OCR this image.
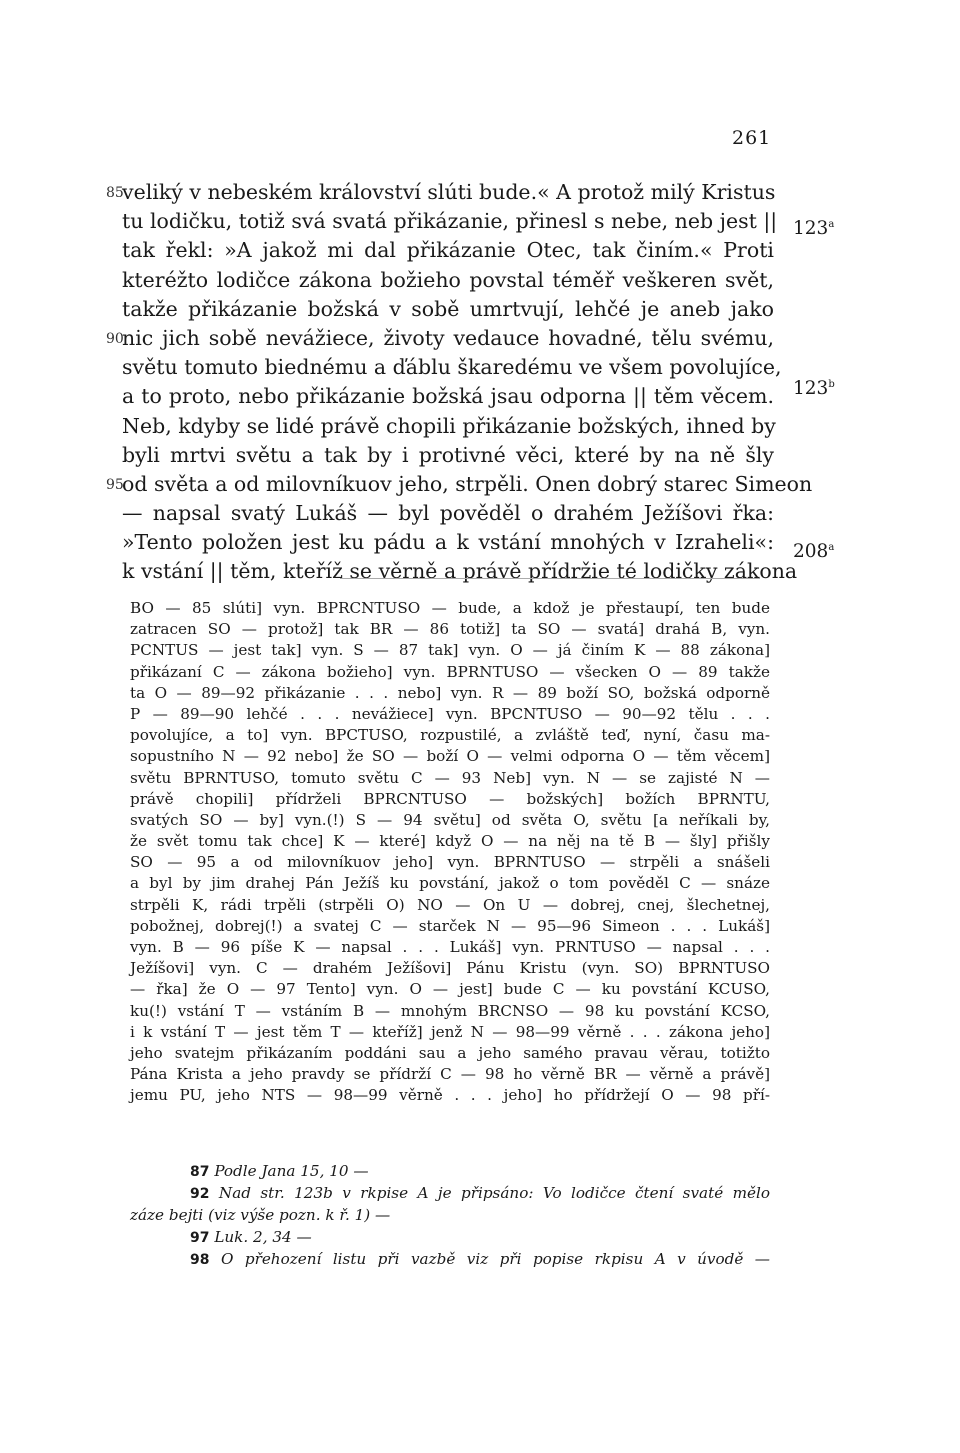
261
85
90
95
123$^a$
123$^b$
208$^a$
veliký v nebeském království slúti bude.« A protož milý Kristus
tu lodičku, totiž svá svatá přikázanie, přinesl s nebe, neb jest ||
tak řekl: »A jakož mi dal přikázanie Otec, tak činím.« Proti
kteréžto lodičce zákona božieho povstal téměř veškeren svět,
takže přikázanie božská v sobě umrtvují, lehčé je aneb jako
nic jich sobě nevážiece, životy vedauce hovadné, tělu svému,
světu tomuto biednému a ďáblu škaredému ve všem povolujíce,
a to proto, nebo přikázanie božská jsau odporna || těm věcem.
Neb, kdyby se lidé právě chopili přikázanie božských, ihned by
byli mrtvi světu a tak by i protivné věci, které by na ně šly
od světa a od milovníkuov jeho, strpěli. Onen dobrý starec Simeon
— napsal svatý Lukáš — byl pověděl o drahém Ježíšovi řka:
»Tento položen jest ku pádu a k vstání mnohých v Izraheli«:
k vstání || těm, kteříž se věrně a právě přídržie té lodičky zákona
BO — 85 slúti] vyn. BPRCNTUSO — bude, a kdož je přestaupí, ten bude
zatracen SO — protož] tak BR — 86 totiž] ta SO — svatá] drahá B, vyn.
PCNTUS — jest tak] vyn. S — 87 tak] vyn. O — já činím K — 88 zákona]
přikázaní C — zákona božieho] vyn. BPRNTUSO — všecken O — 89 takže
ta O — 89—92 přikázanie . . . nebo] vyn. R — 89 boží SO, božská odporně
P — 89—90 lehčé . . . nevážiece] vyn. BPCNTUSO — 90—92 tělu . . .
povolujíce, a to] vyn. BPCTUSO, rozpustilé, a zvláště teď, nyní, času ma-
sopustního N — 92 nebo] že SO — boží O — velmi odporna O — těm věcem]
světu BPRNTUSO, tomuto světu C — 93 Neb] vyn. N — se zajisté N —
právě chopili] přídrželi BPRCNTUSO — božských] božích BPRNTU,
svatých SO — by] vyn.(!) S — 94 světu] od světa O, světu [a neříkali by,
že svět tomu tak chce] K — které] když O — na něj na tě B — šly] přišly
SO — 95 a od milovníkuov jeho] vyn. BPRNTUSO — strpěli a snášeli
a byl by jim drahej Pán Ježíš ku povstání, jakož o tom pověděl C — snáze
strpěli K, rádi trpěli (strpěli O) NO — On U — dobrej, cnej, šlechetnej,
pobožnej, dobrej(!) a svatej C — starček N — 95—96 Simeon . . . Lukáš]
vyn. B — 96 píše K — napsal . . . Lukáš] vyn. PRNTUSO — napsal . . .
Ježíšovi] vyn. C — drahém Ježíšovi] Pánu Kristu (vyn. SO) BPRNTUSO
— řka] že O — 97 Tento] vyn. O — jest] bude C — ku povstání KCUSO,
ku(!) vstání T — vstáním B — mnohým BRCNSO — 98 ku povstání KCSO,
i k vstání T — jest těm T — kteříž] jenž N — 98—99 věrně . . . zákona jeho]
jeho svatejm přikázaním poddáni sau a jeho samého pravau věrau, totižto
Pána Krista a jeho pravdy se přídrží C — 98 ho věrně BR — věrně a právě]
jemu PU, jeho NTS — 98—99 věrně . . . jeho] ho přídržejí O — 98 pří-
87 Podle Jana 15, 10 —
92 Nad str. 123b v rkpise A je připsáno: Vo lodičce čtení svaté mělo
záze bejti (viz výše pozn. k ř. 1) —
97 Luk. 2, 34 —
98 O přehození listu při vazbě viz při popise rkpisu A v úvodě —
